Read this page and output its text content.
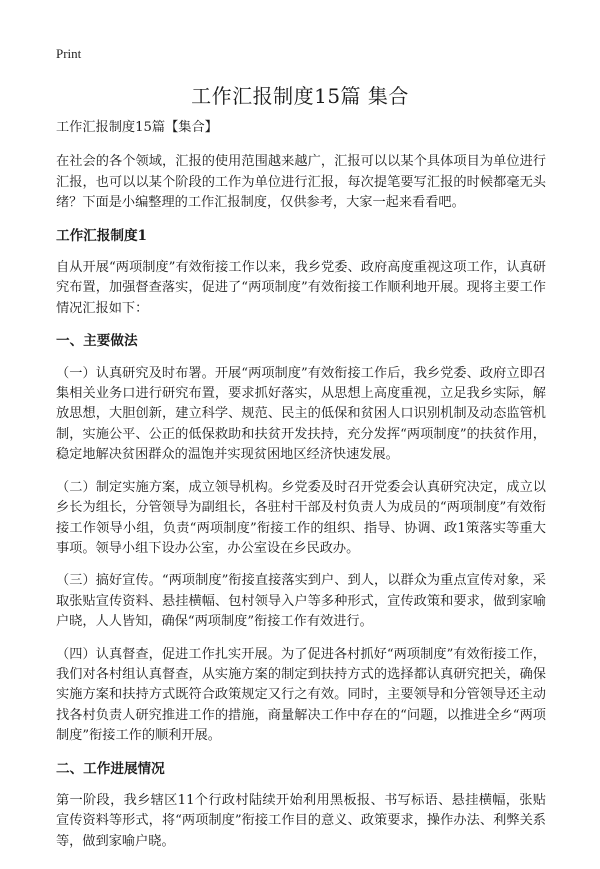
Print
工作汇报制度15篇 集合

工作汇报制度15篇【集合】

在社会的各个领域，汇报的使用范围越来越广，汇报可以以某个具体项目为单位进行汇报，也可以以某个阶段的工作为单位进行汇报，每次提笔要写汇报的时候都毫无头绪？下面是小编整理的工作汇报制度，仅供参考，大家一起来看看吧。

工作汇报制度1

自从开展“两项制度”有效衔接工作以来，我乡党委、政府高度重视这项工作，认真研究布置，加强督查落实，促进了“两项制度”有效衔接工作顺利地开展。现将主要工作情况汇报如下：

一、主要做法

（一）认真研究及时布署。开展“两项制度”有效衔接工作后，我乡党委、政府立即召集相关业务口进行研究布置，要求抓好落实，从思想上高度重视，立足我乡实际，解放思想，大胆创新，建立科学、规范、民主的低保和贫困人口识别机制及动态监管机制，实施公平、公正的低保救助和扶贫开发扶持，充分发挥“两项制度”的扶贫作用，稳定地解决贫困群众的温饱并实现贫困地区经济快速发展。

（二）制定实施方案，成立领导机构。乡党委及时召开党委会认真研究决定，成立以乡长为组长，分管领导为副组长，各驻村干部及村负责人为成员的“两项制度”有效衔接工作领导小组，负责“两项制度”衔接工作的组织、指导、协调、政1策落实等重大事项。领导小组下设办公室，办公室设在乡民政办。

（三）搞好宣传。“两项制度”衔接直接落实到户、到人，以群众为重点宣传对象，采取张贴宣传资料、悬挂横幅、包村领导入户等多种形式，宣传政策和要求，做到家喻户晓，人人皆知，确保“两项制度”衔接工作有效进行。

（四）认真督查，促进工作扎实开展。为了促进各村抓好“两项制度”有效衔接工作，我们对各村组认真督查，从实施方案的制定到扶持方式的选择都认真研究把关，确保实施方案和扶持方式既符合政策规定又行之有效。同时，主要领导和分管领导还主动找各村负责人研究推进工作的措施，商量解决工作中存在的“问题，以推进全乡“两项制度”衔接工作的顺利开展。

二、工作进展情况

第一阶段，我乡辖区11个行政村陆续开始利用黑板报、书写标语、悬挂横幅，张贴宣传资料等形式，将“两项制度”衔接工作目的意义、政策要求，操作办法、利弊关系等，做到家喻户晓。
